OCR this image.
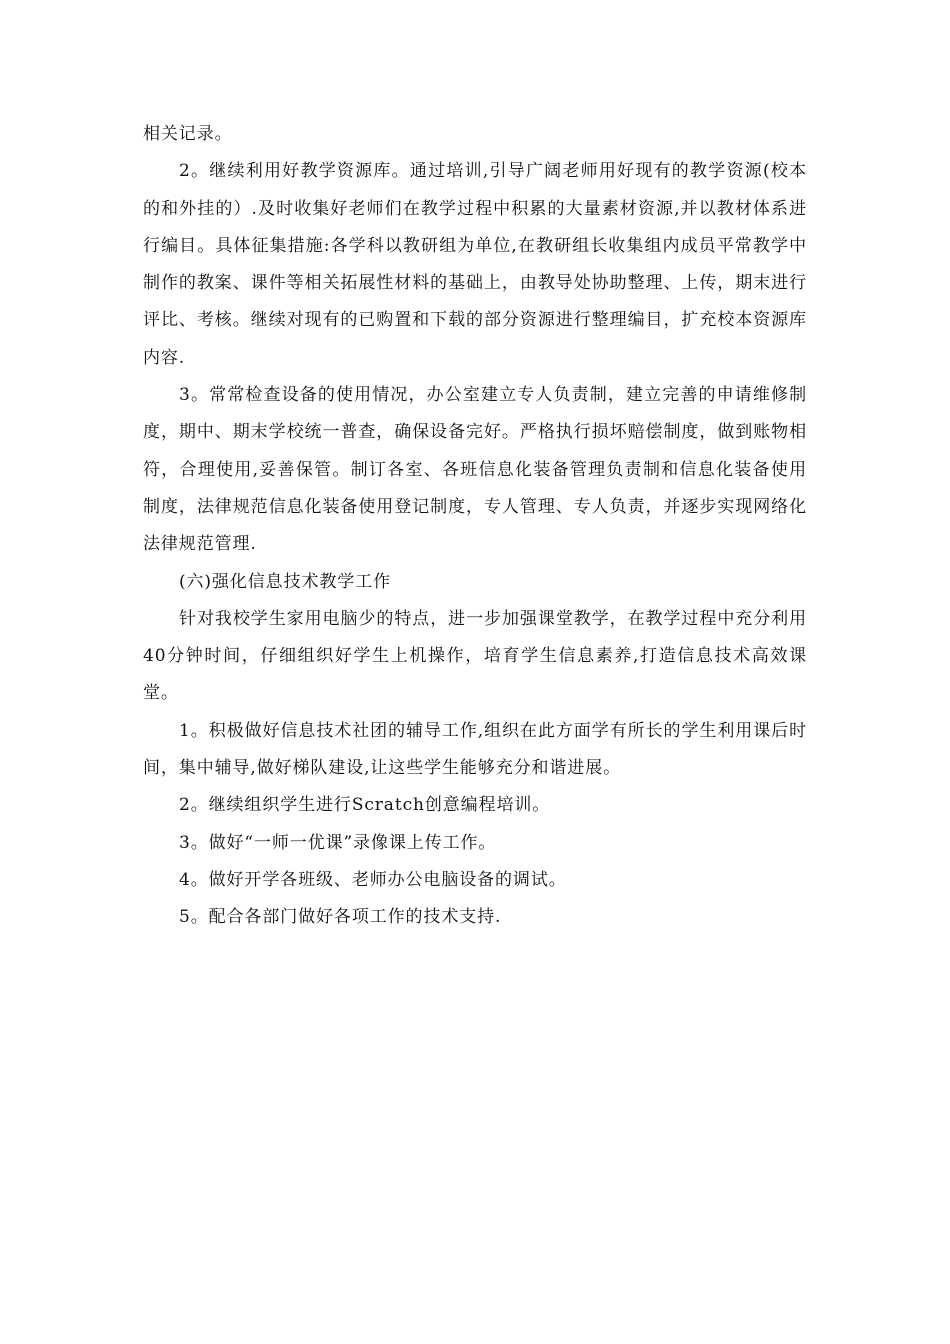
相关记录。

2。继续利用好教学资源库。通过培训,引导广阔老师用好现有的教学资源(校本的和外挂的）.及时收集好老师们在教学过程中积累的大量素材资源,并以教材体系进行编目。具体征集措施:各学科以教研组为单位,在教研组长收集组内成员平常教学中制作的教案、课件等相关拓展性材料的基础上，由教导处协助整理、上传，期末进行评比、考核。继续对现有的已购置和下载的部分资源进行整理编目，扩充校本资源库内容.

3。常常检查设备的使用情况，办公室建立专人负责制，建立完善的申请维修制度，期中、期末学校统一普查，确保设备完好。严格执行损坏赔偿制度，做到账物相符，合理使用,妥善保管。制订各室、各班信息化装备管理负责制和信息化装备使用制度，法律规范信息化装备使用登记制度，专人管理、专人负责，并逐步实现网络化法律规范管理.

(六)强化信息技术教学工作

针对我校学生家用电脑少的特点，进一步加强课堂教学，在教学过程中充分利用40分钟时间，仔细组织好学生上机操作，培育学生信息素养,打造信息技术高效课堂。

1。积极做好信息技术社团的辅导工作,组织在此方面学有所长的学生利用课后时间，集中辅导,做好梯队建设,让这些学生能够充分和谐进展。

2。继续组织学生进行Scratch创意编程培训。

3。做好“一师一优课”录像课上传工作。

4。做好开学各班级、老师办公电脑设备的调试。

5。配合各部门做好各项工作的技术支持.
